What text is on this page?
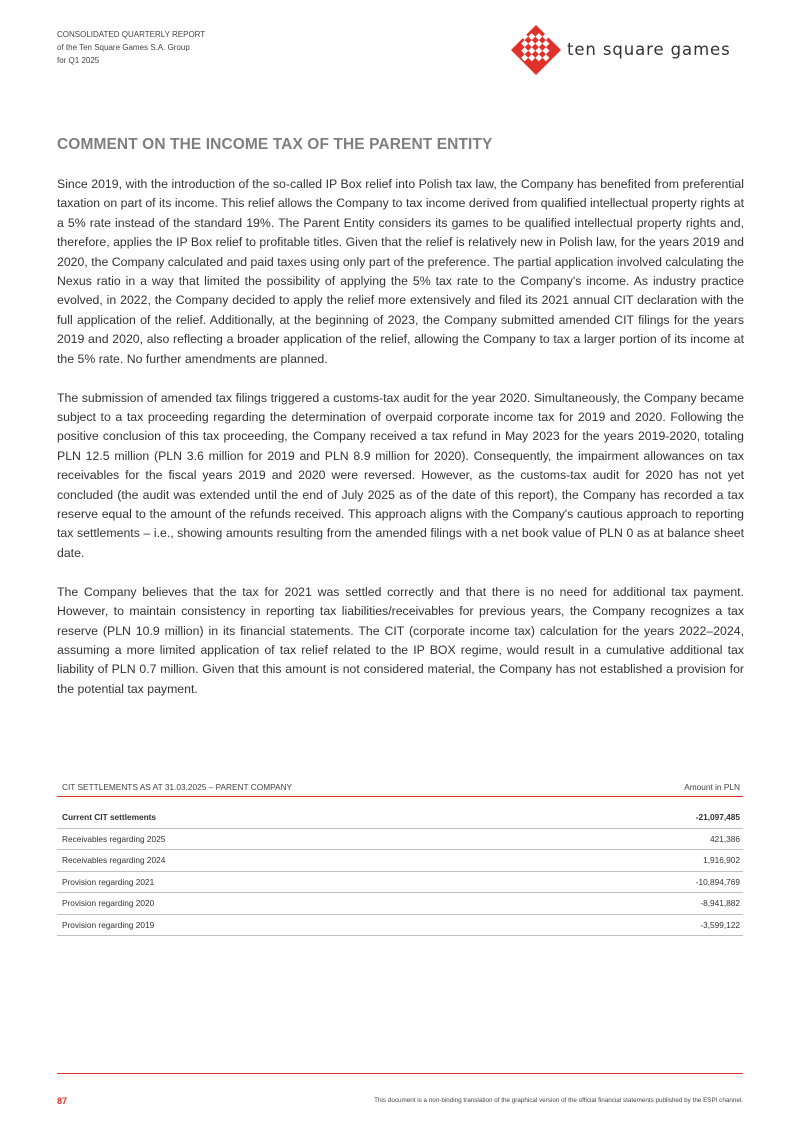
CONSOLIDATED QUARTERLY REPORT
of the Ten Square Games S.A. Group
for Q1 2025
ten square games
COMMENT ON THE INCOME TAX OF THE PARENT ENTITY

Since 2019, with the introduction of the so-called IP Box relief into Polish tax law, the Company has benefited from preferential taxation on part of its income. This relief allows the Company to tax income derived from qualified intellectual property rights at a 5% rate instead of the standard 19%. The Parent Entity considers its games to be qualified intellectual property rights and, therefore, applies the IP Box relief to profitable titles. Given that the relief is relatively new in Polish law, for the years 2019 and 2020, the Company calculated and paid taxes using only part of the preference. The partial application involved calculating the Nexus ratio in a way that limited the possibility of applying the 5% tax rate to the Company's income. As industry practice evolved, in 2022, the Company decided to apply the relief more extensively and filed its 2021 annual CIT declaration with the full application of the relief. Additionally, at the beginning of 2023, the Company submitted amended CIT filings for the years 2019 and 2020, also reflecting a broader application of the relief, allowing the Company to tax a larger portion of its income at the 5% rate. No further amendments are planned.

The submission of amended tax filings triggered a customs-tax audit for the year 2020. Simultaneously, the Company became subject to a tax proceeding regarding the determination of overpaid corporate income tax for 2019 and 2020. Following the positive conclusion of this tax proceeding, the Company received a tax refund in May 2023 for the years 2019-2020, totaling PLN 12.5 million (PLN 3.6 million for 2019 and PLN 8.9 million for 2020). Consequently, the impairment allowances on tax receivables for the fiscal years 2019 and 2020 were reversed. However, as the customs-tax audit for 2020 has not yet concluded (the audit was extended until the end of July 2025 as of the date of this report), the Company has recorded a tax reserve equal to the amount of the refunds received. This approach aligns with the Company's cautious approach to reporting tax settlements – i.e., showing amounts resulting from the amended filings with a net book value of PLN 0 as at balance sheet date.

The Company believes that the tax for 2021 was settled correctly and that there is no need for additional tax payment. However, to maintain consistency in reporting tax liabilities/receivables for previous years, the Company recognizes a tax reserve (PLN 10.9 million) in its financial statements. The CIT (corporate income tax) calculation for the years 2022–2024, assuming a more limited application of tax relief related to the IP BOX regime, would result in a cumulative additional tax liability of PLN 0.7 million. Given that this amount is not considered material, the Company has not established a provision for the potential tax payment.

CIT SETTLEMENTS AS AT 31.03.2025 – PARENT COMPANY	Amount in PLN

Current CIT settlements	-21,097,485
Receivables regarding 2025	421,386
Receivables regarding 2024	1,916,902
Provision regarding 2021	-10,894,769
Provision regarding 2020	-8,941,882
Provision regarding 2019	-3,599,122
87	This document is a non-binding translation of the graphical version of the official financial statements published by the ESPI channel.
